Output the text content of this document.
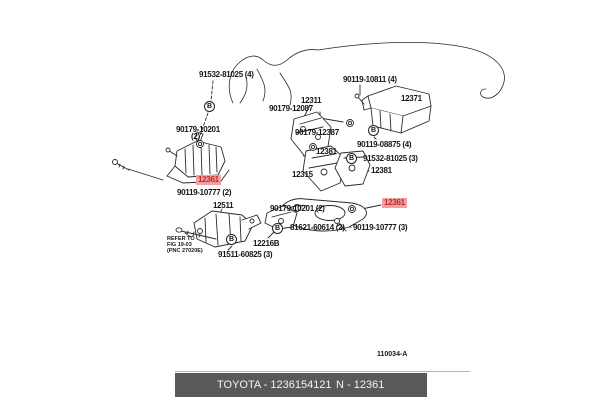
B
B
B
B
B
91532-81025 (4)
12311
90179-12087
90119-10811 (4)
12371
90119-08875 (4)
91532-81025 (3)
12381
90179-12387
12381
12315
90179-10201
(2)
12361
90119-10777 (2)
12361
90179-10201 (2)
81621-60614 (2) 90119-10777 (3)
12511
REFER TO
FIG 19-03
(PNC 27020E) 91511-60825 (3)
12216B
110034-A
TOYOTA - 1236154121 N - 12361
